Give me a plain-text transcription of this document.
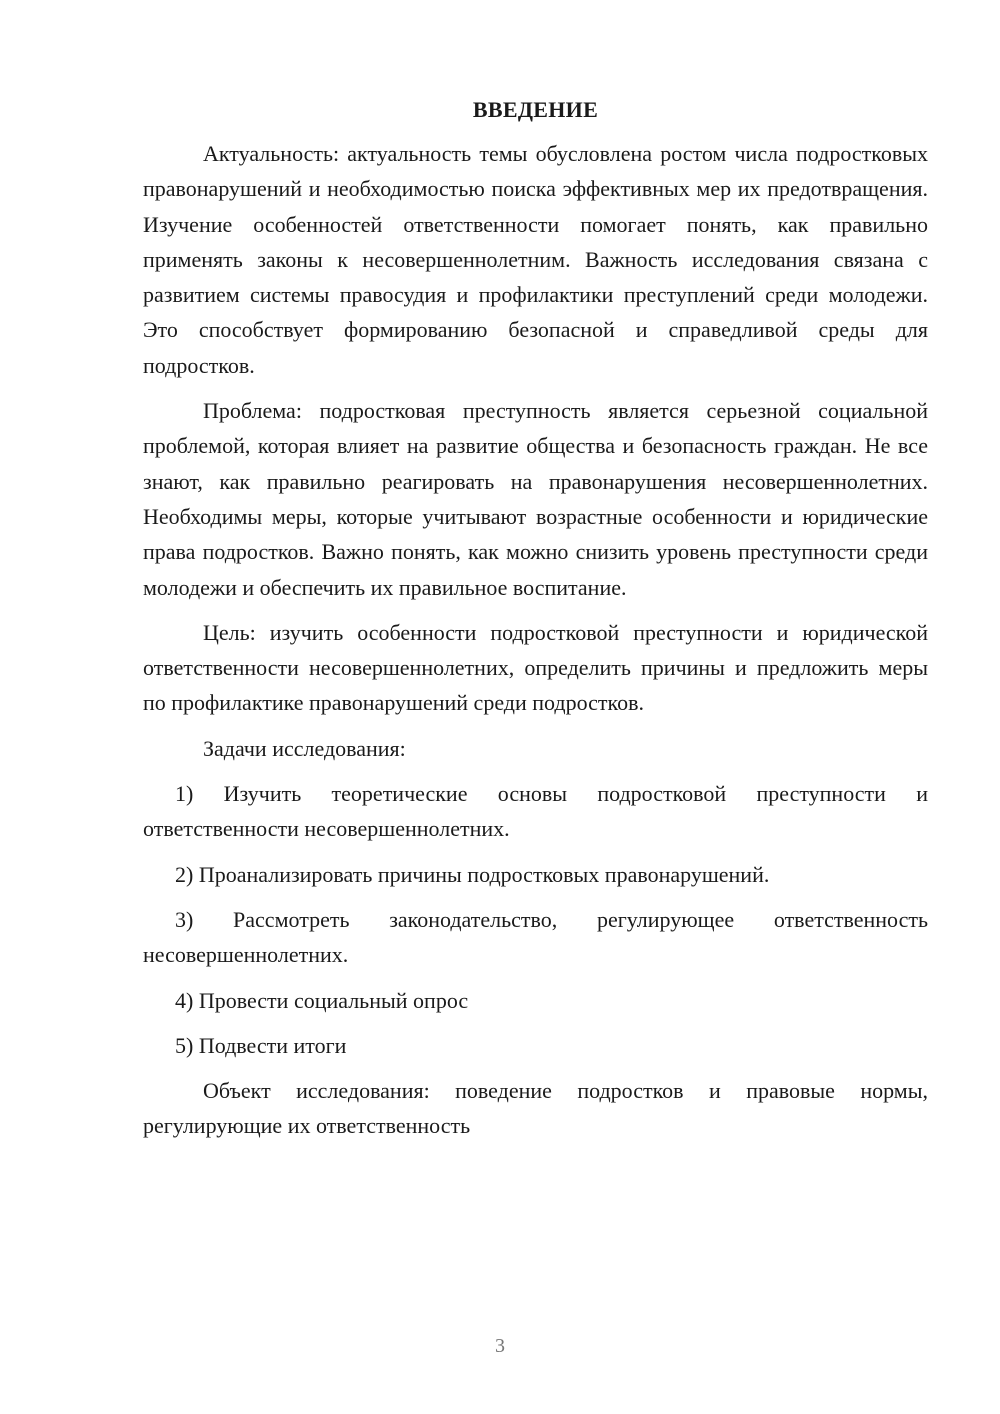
ВВЕДЕНИЕ

Актуальность: актуальность темы обусловлена ростом числа подростковых правонарушений и необходимостью поиска эффективных мер их предотвращения. Изучение особенностей ответственности помогает понять, как правильно применять законы к несовершеннолетним. Важность исследования связана с развитием системы правосудия и профилактики преступлений среди молодежи. Это способствует формированию безопасной и справедливой среды для подростков.

Проблема: подростковая преступность является серьезной социальной проблемой, которая влияет на развитие общества и безопасность граждан. Не все знают, как правильно реагировать на правонарушения несовершеннолетних. Необходимы меры, которые учитывают возрастные особенности и юридические права подростков. Важно понять, как можно снизить уровень преступности среди молодежи и обеспечить их правильное воспитание.

Цель: изучить особенности подростковой преступности и юридической ответственности несовершеннолетних, определить причины и предложить меры по профилактике правонарушений среди подростков.

Задачи исследования:

1) Изучить теоретические основы подростковой преступности и ответственности несовершеннолетних.
2) Проанализировать причины подростковых правонарушений.
3) Рассмотреть законодательство, регулирующее ответственность несовершеннолетних.
4) Провести социальный опрос
5) Подвести итоги

Объект исследования: поведение подростков и правовые нормы, регулирующие их ответственность

3
